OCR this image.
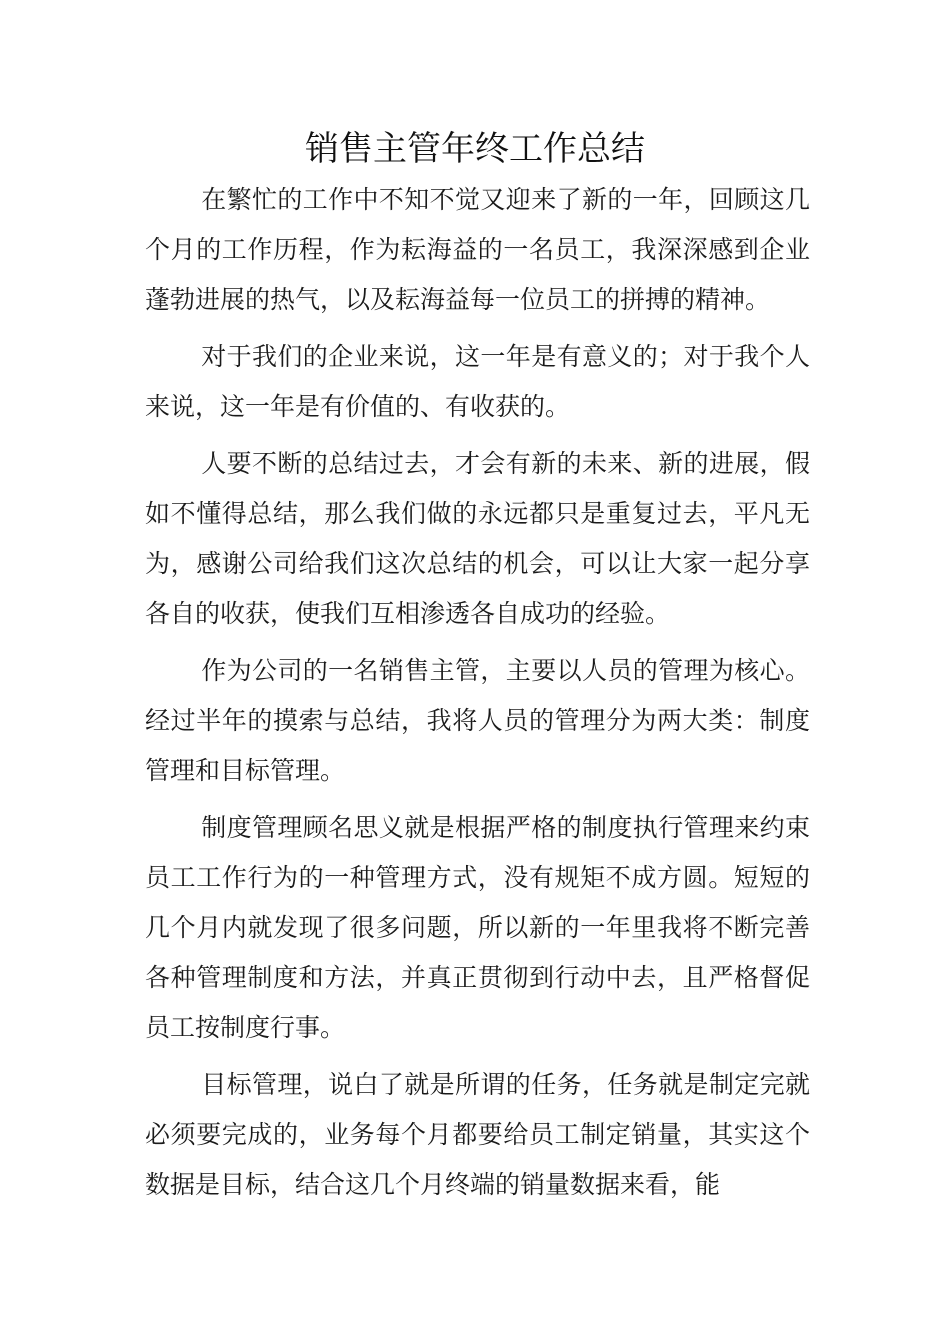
销售主管年终工作总结

在繁忙的工作中不知不觉又迎来了新的一年，回顾这几个月的工作历程，作为耘海益的一名员工，我深深感到企业蓬勃进展的热气，以及耘海益每一位员工的拼搏的精神。

对于我们的企业来说，这一年是有意义的；对于我个人来说，这一年是有价值的、有收获的。

人要不断的总结过去，才会有新的未来、新的进展，假如不懂得总结，那么我们做的永远都只是重复过去，平凡无为，感谢公司给我们这次总结的机会，可以让大家一起分享各自的收获，使我们互相渗透各自成功的经验。

作为公司的一名销售主管，主要以人员的管理为核心。经过半年的摸索与总结，我将人员的管理分为两大类：制度管理和目标管理。

制度管理顾名思义就是根据严格的制度执行管理来约束员工工作行为的一种管理方式，没有规矩不成方圆。短短的几个月内就发现了很多问题，所以新的一年里我将不断完善各种管理制度和方法，并真正贯彻到行动中去，且严格督促员工按制度行事。

目标管理，说白了就是所谓的任务，任务就是制定完就必须要完成的，业务每个月都要给员工制定销量，其实这个数据是目标，结合这几个月终端的销量数据来看，能
